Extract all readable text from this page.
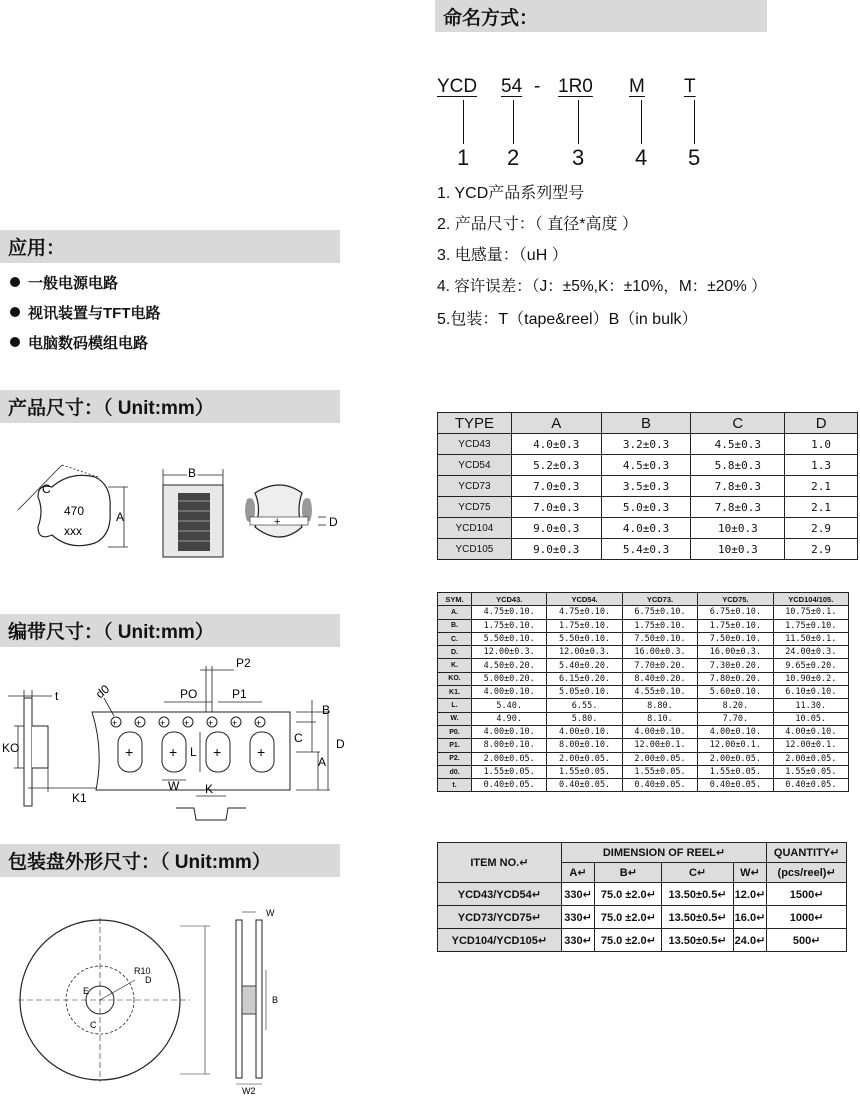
命名方式：
应用：
产品尺寸：（ Unit:mm）
编带尺寸：（ Unit:mm）
包装盘外形尺寸：（ Unit:mm）
一般电源电路
视讯装置与TFT电路
电脑数码模组电路
YCD 54 - 1R0 M T
1 2 3 4 5
1. YCD产品系列型号
2. 产品尺寸：（ 直径*高度 ）
3. 电感量：（uH ）
4. 容许误差：（J：±5%,K：±10%，M：±20% ）
5.包装：T（tape&reel）B（in bulk）
C
470
xxx
A
B
+	D
TYPE	A	B	C	D
YCD43	4.0±0.3	3.2±0.3	4.5±0.3	1.0
YCD54	5.2±0.3	4.5±0.3	5.8±0.3	1.3
YCD73	7.0±0.3	3.5±0.3	7.8±0.3	2.1
YCD75	7.0±0.3	5.0±0.3	7.8±0.3	2.1
YCD104	9.0±0.3	4.0±0.3	10±0.3	2.9
YCD105	9.0±0.3	5.4±0.3	10±0.3	2.9
t
KO
K1
+ + + + + + +
+	+	+	+
d0	PO
P2
P1
L
W
B
C
A
D
K
SYM.	YCD43.	YCD54.	YCD73.	YCD75.	YCD104/105.
A.	4.75±0.10.	4.75±0.10.	6.75±0.10.	6.75±0.10.	10.75±0.1.
B.	1.75±0.10.	1.75±0.10.	1.75±0.10.	1.75±0.10.	1.75±0.10.
C.	5.50±0.10.	5.50±0.10.	7.50±0.10.	7.50±0.10.	11.50±0.1.
D.	12.00±0.3.	12.00±0.3.	16.00±0.3.	16.00±0.3.	24.00±0.3.
K.	4.50±0.20.	5.40±0.20.	7.70±0.20.	7.30±0.20.	9.65±0.20.
KO.	5.00±0.20.	6.15±0.20.	8.40±0.20.	7.80±0.20.	10.90±0.2.
K1.	4.00±0.10.	5.05±0.10.	4.55±0.10.	5.60±0.10.	6.10±0.10.
L.	5.40.	6.55.	8.80.	8.20.	11.30.
W.	4.90.	5.80.	8.10.	7.70.	10.05.
P0.	4.00±0.10.	4.00±0.10.	4.00±0.10.	4.00±0.10.	4.00±0.10.
P1.	8.00±0.10.	8.00±0.10.	12.00±0.1.	12.00±0.1.	12.00±0.1.
P2.	2.00±0.05.	2.00±0.05.	2.00±0.05.	2.00±0.05.	2.00±0.05.
d0.	1.55±0.05.	1.55±0.05.	1.55±0.05.	1.55±0.05.	1.55±0.05.
t.	0.40±0.05.	0.40±0.05.	0.40±0.05.	0.40±0.05.	0.40±0.05.
R10
D
E
C
W
B
W2
ITEM NO.↵	DIMENSION OF REEL↵				QUANTITY↵
	A↵	B↵	C↵	W↵	(pcs/reel)↵
YCD43/YCD54↵	330↵	75.0 ±2.0↵	13.50±0.5↵	12.0↵	1500↵
YCD73/YCD75↵	330↵	75.0 ±2.0↵	13.50±0.5↵	16.0↵	1000↵
YCD104/YCD105↵	330↵	75.0 ±2.0↵	13.50±0.5↵	24.0↵	500↵
